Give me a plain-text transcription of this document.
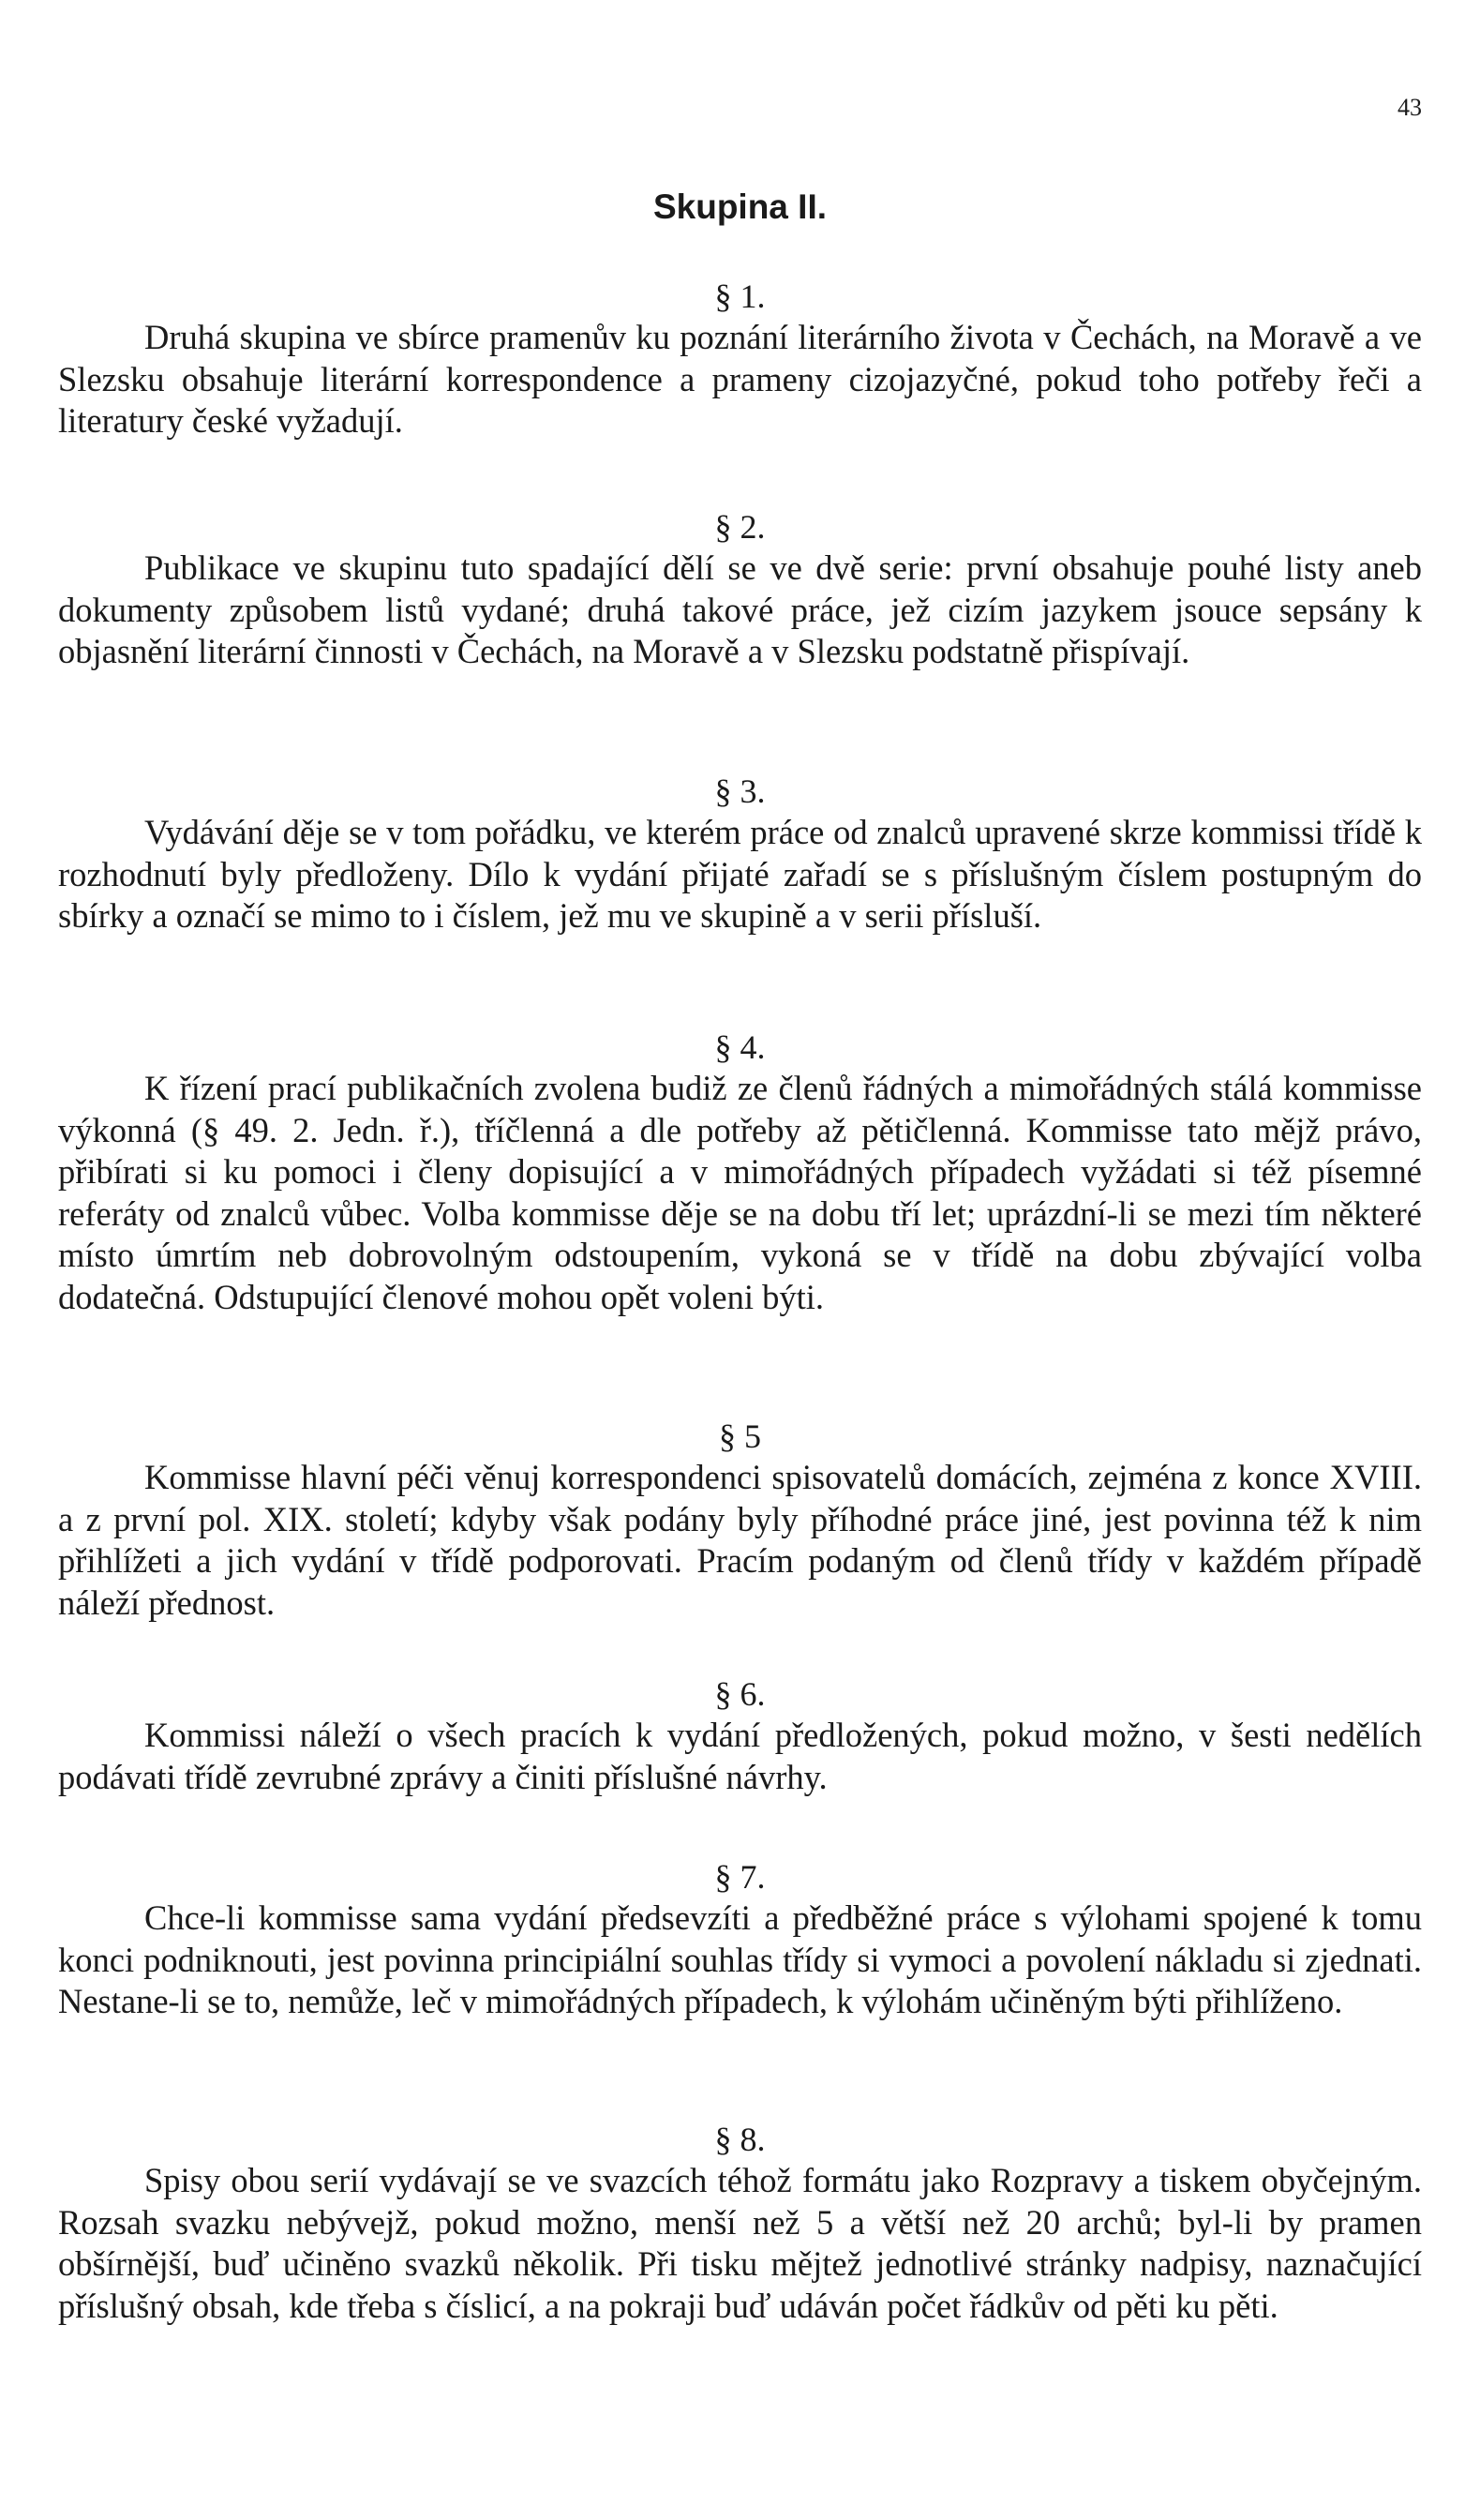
43
Skupina II.
§ 1.

Druhá skupina ve sbírce pramenův ku poznání literárního života v Čechách, na Moravě a ve Slezsku obsahuje literární korrespondence a prameny cizojazyčné, pokud toho potřeby řeči a literatury české vyžadují.

§ 2.

Publikace ve skupinu tuto spadající dělí se ve dvě serie: první obsahuje pouhé listy aneb dokumenty způsobem listů vydané; druhá takové práce, jež cizím jazykem jsouce sepsány k objasnění literární činnosti v Čechách, na Moravě a v Slezsku podstatně přispívají.

§ 3.

Vydávání děje se v tom pořádku, ve kterém práce od znalců upravené skrze kommissi třídě k rozhodnutí byly předloženy. Dílo k vydání přijaté zařadí se s příslušným číslem postupným do sbírky a označí se mimo to i číslem, jež mu ve skupině a v serii přísluší.

§ 4.

K řízení prací publikačních zvolena budiž ze členů řádných a mimořádných stálá kommisse výkonná (§ 49. 2. Jedn. ř.), tříčlenná a dle potřeby až pětičlenná. Kommisse tato mějž právo, přibírati si ku pomoci i členy dopisující a v mimořádných případech vyžádati si též písemné referáty od znalců vůbec. Volba kommisse děje se na dobu tří let; uprázdní-li se mezi tím některé místo úmrtím neb dobrovolným odstoupením, vykoná se v třídě na dobu zbývající volba dodatečná. Odstupující členové mohou opět voleni býti.

§ 5

Kommisse hlavní péči věnuj korrespondenci spisovatelů domácích, zejména z konce XVIII. a z první pol. XIX. století; kdyby však podány byly příhodné práce jiné, jest povinna též k nim přihlížeti a jich vydání v třídě podporovati. Pracím podaným od členů třídy v každém případě náleží přednost.

§ 6.

Kommissi náleží o všech pracích k vydání předložených, pokud možno, v šesti nedělích podávati třídě zevrubné zprávy a činiti příslušné návrhy.

§ 7.

Chce-li kommisse sama vydání předsevzíti a předběžné práce s výlohami spojené k tomu konci podniknouti, jest povinna principiální souhlas třídy si vymoci a povolení nákladu si zjednati. Nestane-li se to, nemůže, leč v mimořádných případech, k výlohám učiněným býti přihlíženo.

§ 8.

Spisy obou serií vydávají se ve svazcích téhož formátu jako Rozpravy a tiskem obyčejným. Rozsah svazku nebývejž, pokud možno, menší než 5 a větší než 20 archů; byl-li by pramen obšírnější, buď učiněno svazků několik. Při tisku mějtež jednotlivé stránky nadpisy, naznačující příslušný obsah, kde třeba s číslicí, a na pokraji buď udáván počet řádkův od pěti ku pěti.
